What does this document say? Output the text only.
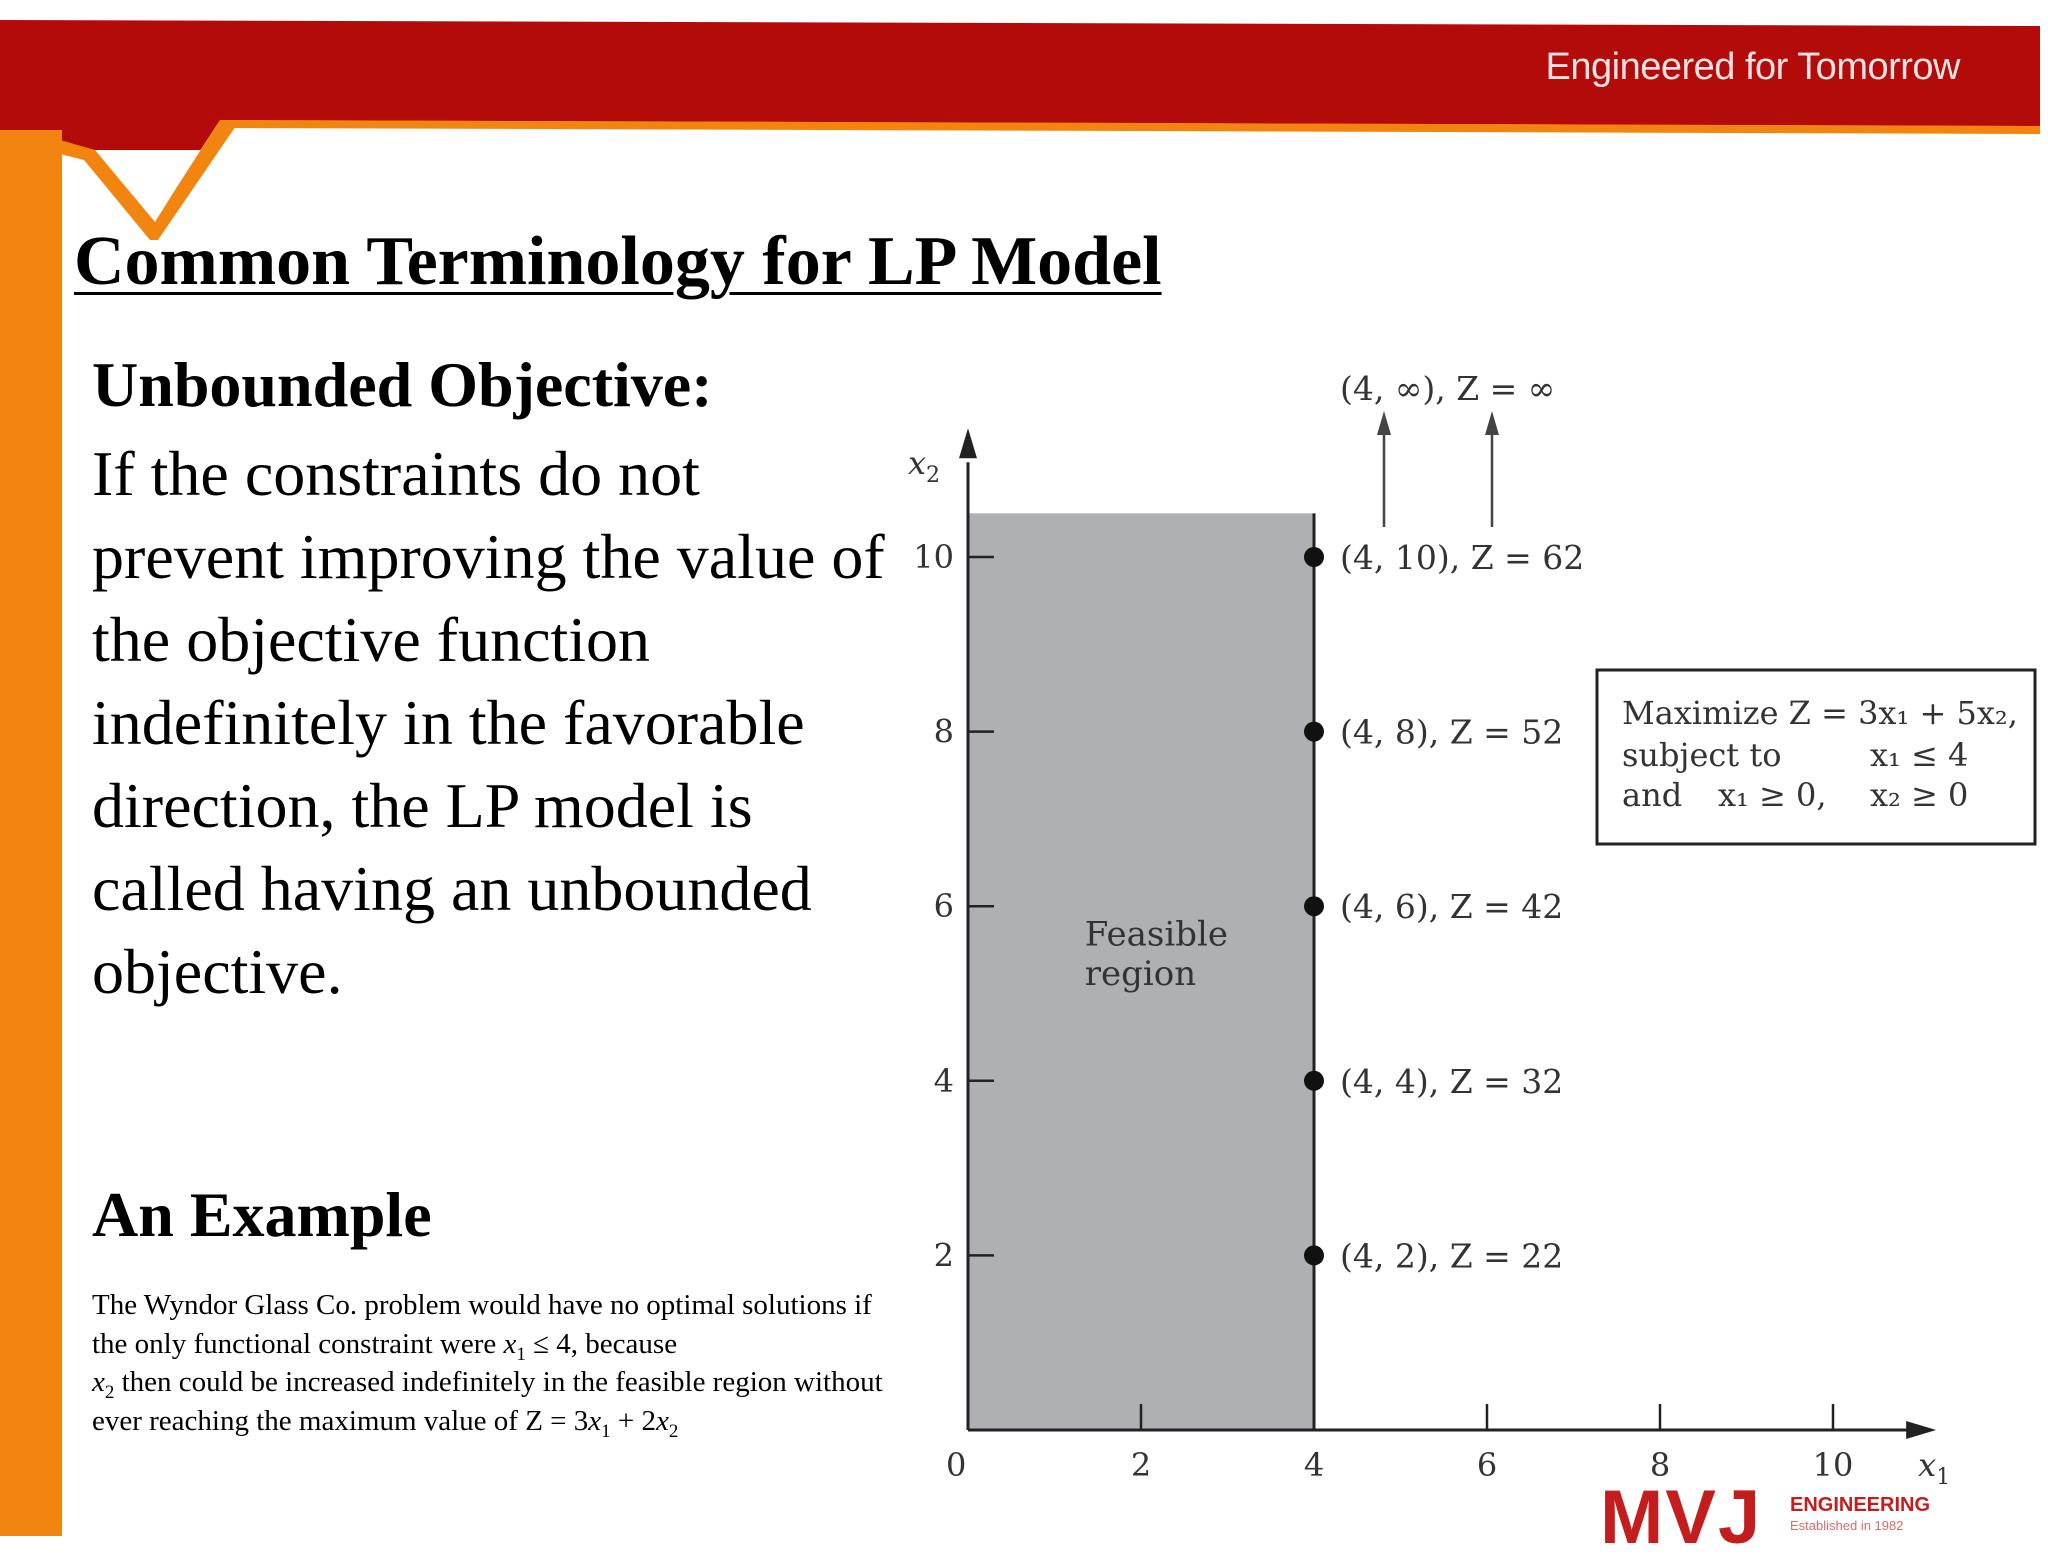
Engineered for Tomorrow
Common Terminology for LP Model
Unbounded Objective:
If the constraints do not prevent improving the value of the objective function indefinitely in the favorable direction, the LP model is called having an unbounded objective.
An Example
The Wyndor Glass Co. problem would have no optimal solutions if the only functional constraint were $x_1 \le 4$, because
$x_2$ then could be increased indefinitely in the feasible region without ever reaching the maximum value of $Z = 3x_1 + 2x_2$
Feasible
region
2	4	6	8	10
2
4
6
8
10
0	$x_1$
$x_2$
(4, 10), Z = 62
(4, 8), Z = 52
(4, 6), Z = 42
(4, 4), Z = 32
(4, 2), Z = 22
(4, ∞), Z = ∞
Maximize Z = 3x₁ + 5x₂,
subject to	x₁ ≤ 4
and x₁ ≥ 0, x₂ ≥ 0
MVJ ENGINEERING
Established in 1982
